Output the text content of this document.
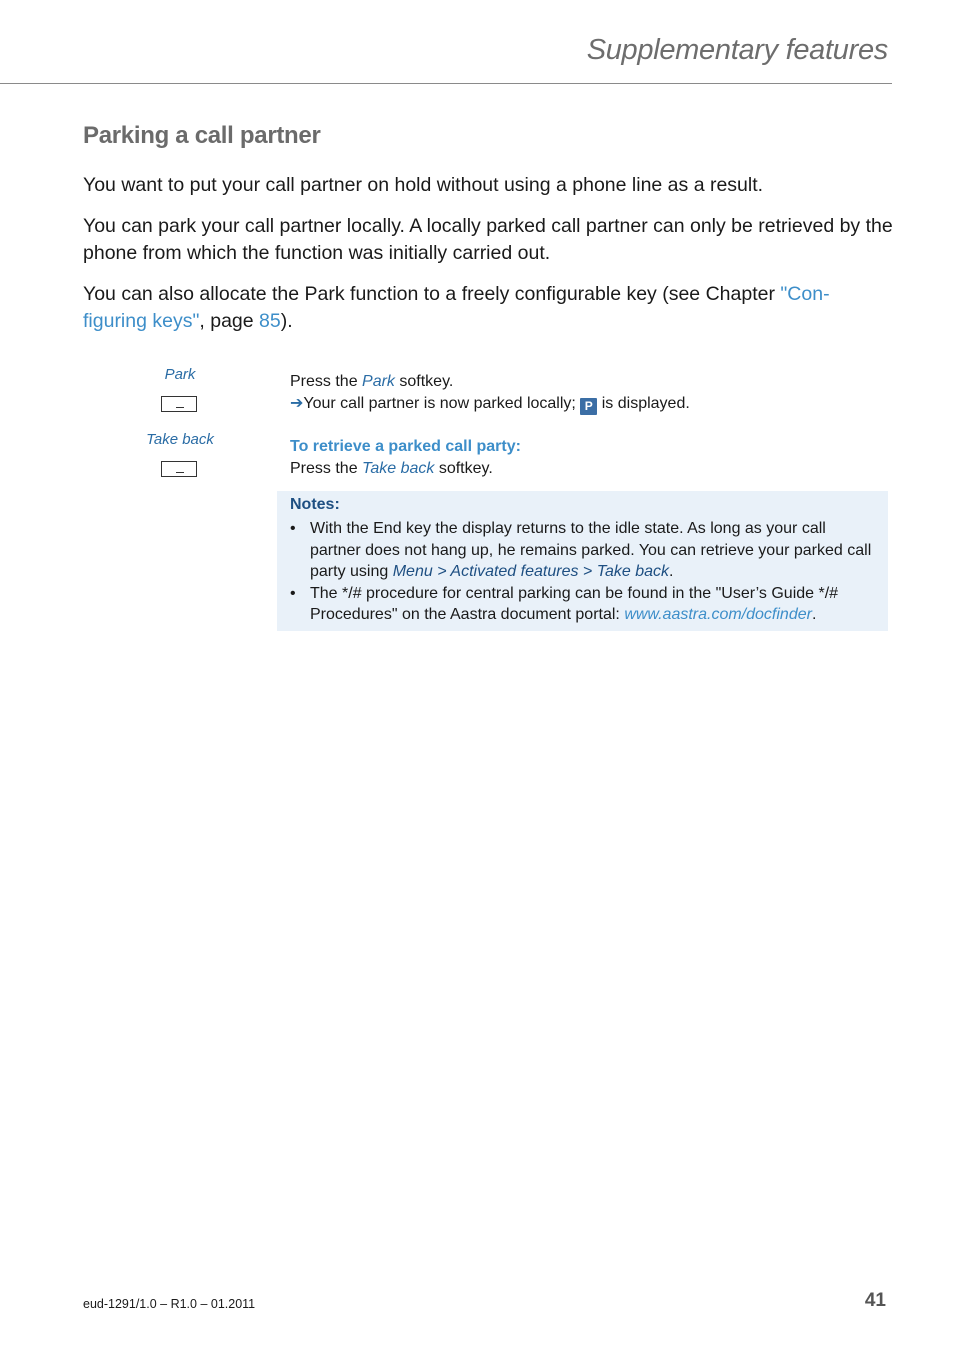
Supplementary features
Parking a call partner

You want to put your call partner on hold without using a phone line as a result.

You can park your call partner locally. A locally parked call partner can only be retrieved by the phone from which the function was initially carried out.

You can also allocate the Park function to a freely configurable key (see Chapter "Con-figuring keys", page 85).

Park
Take back
Press the Park softkey.
➔Your call partner is now parked locally; P is displayed.
To retrieve a parked call party:
Press the Take back softkey.
Notes:
• With the End key the display returns to the idle state. As long as your call partner does not hang up, he remains parked. You can retrieve your parked call party using Menu > Activated features > Take back.
• The */# procedure for central parking can be found in the "User’s Guide */# Procedures" on the Aastra document portal: www.aastra.com/docfinder.
eud-1291/1.0 – R1.0 – 01.2011	41
